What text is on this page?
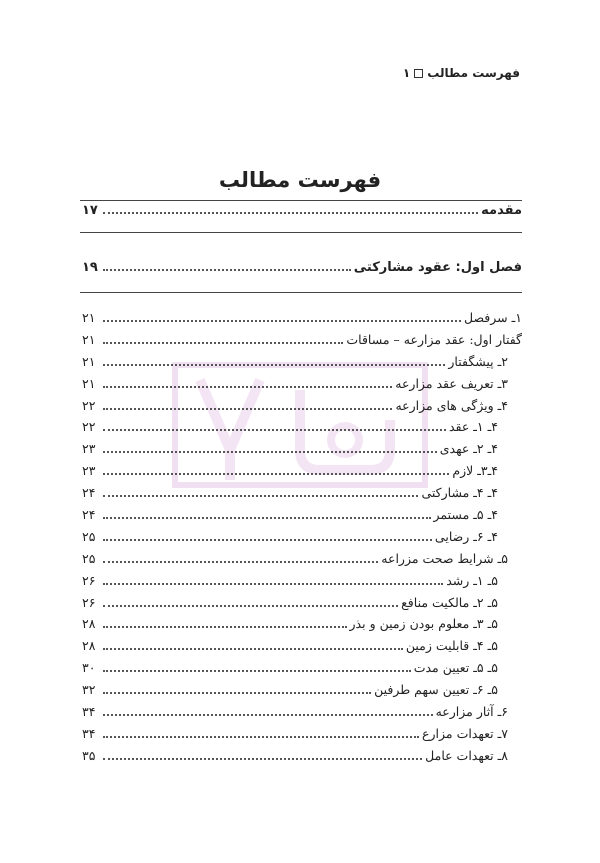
فهرست مطالب۱
فهرست مطالب
مقدمه
۱۷
فصل اول: عقود مشارکتی
۱۹
۱ـ سرفصل
۲۱
گفتار اول: عقد مزارعه – مساقات
۲۱
۲ـ پیشگفتار
۲۱
۳ـ تعریف عقد مزارعه
۲۱
۴ـ ویژگی های مزارعه
۲۲
۴ـ ۱ـ عقد
۲۲
۴ـ ۲ـ عهدی
۲۳
۴ـ۳ـ لازم
۲۳
۴ـ ۴ـ مشارکتی
۲۴
۴ـ ۵ـ مستمر
۲۴
۴ـ ۶ـ رضایی
۲۵
۵ـ شرایط صحت مزراعه
۲۵
۵ـ ۱ـ رشد
۲۶
۵ـ ۲ـ مالکیت منافع
۲۶
۵ـ ۳ـ معلوم بودن زمین و بذر
۲۸
۵ـ ۴ـ قابلیت زمین
۲۸
۵ـ ۵ـ تعیین مدت
۳۰
۵ـ ۶ـ تعیین سهم طرفین
۳۲
۶ـ آثار مزارعه
۳۴
۷ـ تعهدات مزارع
۳۴
۸ـ تعهدات عامل
۳۵
